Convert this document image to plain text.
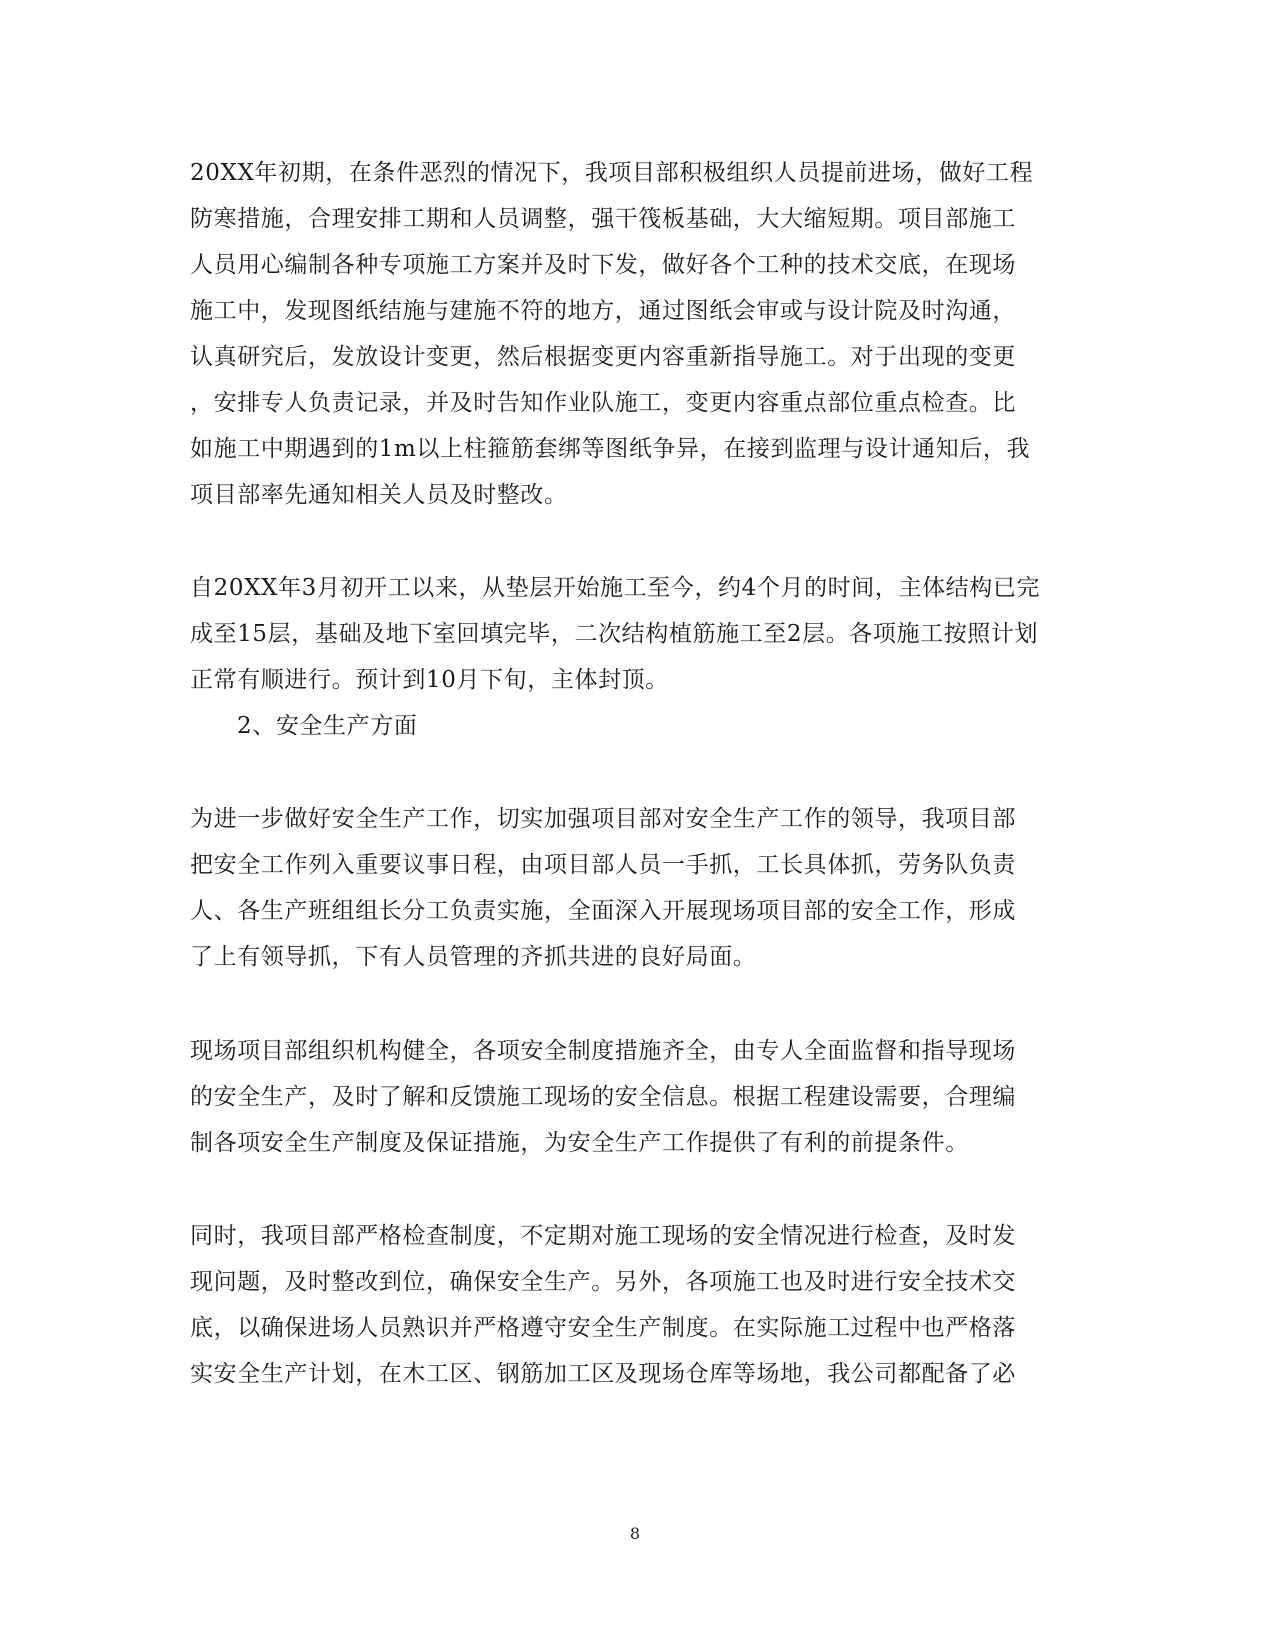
20XX年初期，在条件恶烈的情况下，我项目部积极组织人员提前进场，做好工程
防寒措施，合理安排工期和人员调整，强干筏板基础，大大缩短期。项目部施工
人员用心编制各种专项施工方案并及时下发，做好各个工种的技术交底，在现场
施工中，发现图纸结施与建施不符的地方，通过图纸会审或与设计院及时沟通，
认真研究后，发放设计变更，然后根据变更内容重新指导施工。对于出现的变更
，安排专人负责记录，并及时告知作业队施工，变更内容重点部位重点检查。比
如施工中期遇到的1m以上柱箍筋套绑等图纸争异，在接到监理与设计通知后，我
项目部率先通知相关人员及时整改。
自20XX年3月初开工以来，从垫层开始施工至今，约4个月的时间，主体结构已完
成至15层，基础及地下室回填完毕，二次结构植筋施工至2层。各项施工按照计划
正常有顺进行。预计到10月下旬，主体封顶。
2、安全生产方面
为进一步做好安全生产工作，切实加强项目部对安全生产工作的领导，我项目部
把安全工作列入重要议事日程，由项目部人员一手抓，工长具体抓，劳务队负责
人、各生产班组组长分工负责实施，全面深入开展现场项目部的安全工作，形成
了上有领导抓，下有人员管理的齐抓共进的良好局面。
现场项目部组织机构健全，各项安全制度措施齐全，由专人全面监督和指导现场
的安全生产，及时了解和反馈施工现场的安全信息。根据工程建设需要，合理编
制各项安全生产制度及保证措施，为安全生产工作提供了有利的前提条件。
同时，我项目部严格检查制度，不定期对施工现场的安全情况进行检查，及时发
现问题，及时整改到位，确保安全生产。另外，各项施工也及时进行安全技术交
底，以确保进场人员熟识并严格遵守安全生产制度。在实际施工过程中也严格落
实安全生产计划，在木工区、钢筋加工区及现场仓库等场地，我公司都配备了必
8
